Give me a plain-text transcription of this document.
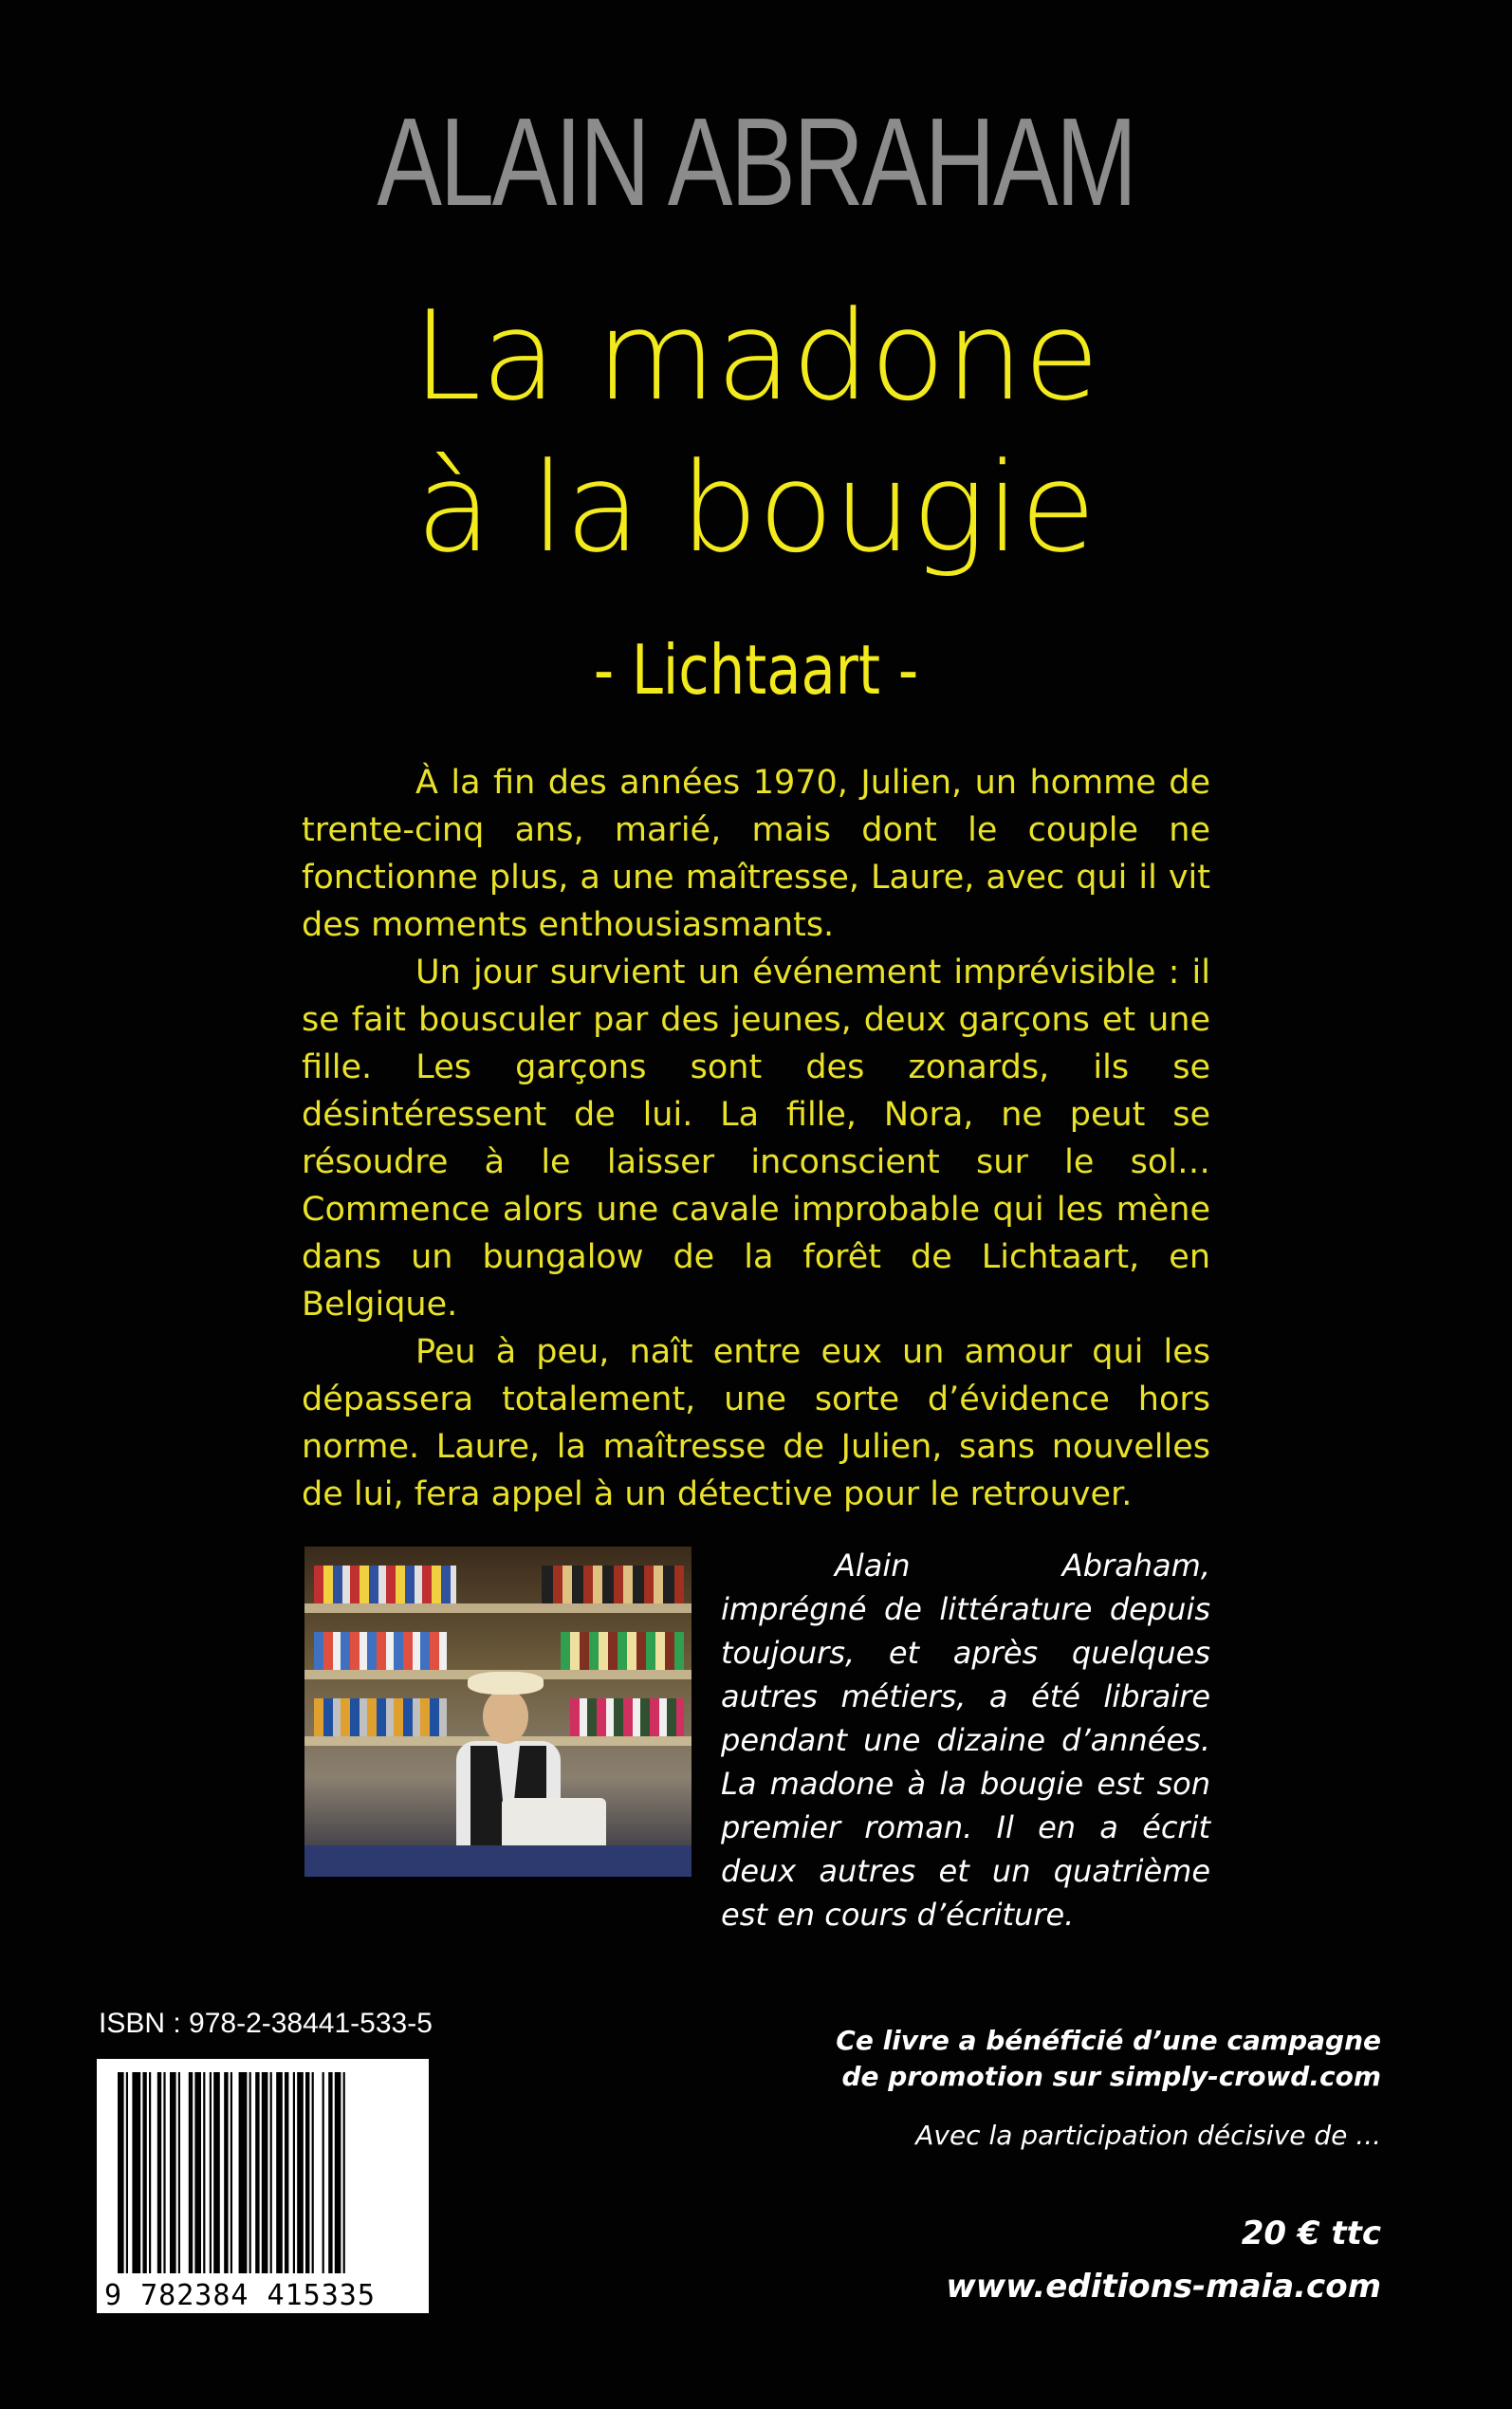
ALAIN ABRAHAM
La madone
à la bougie
- Lichtaart -

À la fin des années 1970, Julien, un homme de trente-cinq ans, marié, mais dont le couple ne fonctionne plus, a une maîtresse, Laure, avec qui il vit des moments enthousiasmants.

Un jour survient un événement imprévisible : il se fait bousculer par des jeunes, deux garçons et une fille. Les garçons sont des zonards, ils se désintéressent de lui. La fille, Nora, ne peut se résoudre à le laisser inconscient sur le sol… Commence alors une cavale improbable qui les mène dans un bungalow de la forêt de Lichtaart, en Belgique.

Peu à peu, naît entre eux un amour qui les dépassera totalement, une sorte d’évidence hors norme. Laure, la maîtresse de Julien, sans nouvelles de lui, fera appel à un détective pour le retrouver.

Alain Abraham, imprégné de littérature depuis toujours, et après quelques autres métiers, a été libraire pendant une dizaine d’années. La madone à la bougie est son premier roman. Il en a écrit deux autres et un quatrième est en cours d’écriture.

ISBN : 978-2-38441-533-5
9 782384 415335
Ce livre a bénéficié d’une campagne
de promotion sur simply-crowd.com
Avec la participation décisive de ...
20 € ttc
www.editions-maia.com
